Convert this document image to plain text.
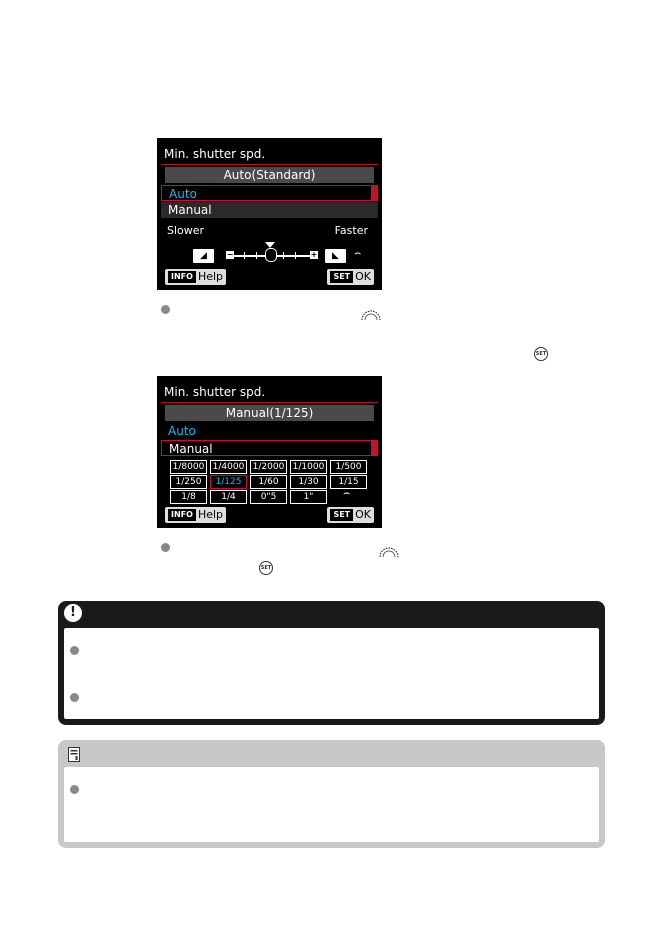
Min. shutter spd.
Auto(Standard)
Auto
Manual
Slower	Faster
◢	−	+	◣	⌢
INFO Help	SET OK
SET
Min. shutter spd.
Manual(1/125)
Auto
Manual
1/8000 1/4000 1/2000 1/1000	1/500
1/250	1/125	1/60	1/30	1/15
1/8	1/4	0"5	1"	⌢
INFO Help	SET OK
SET
!
